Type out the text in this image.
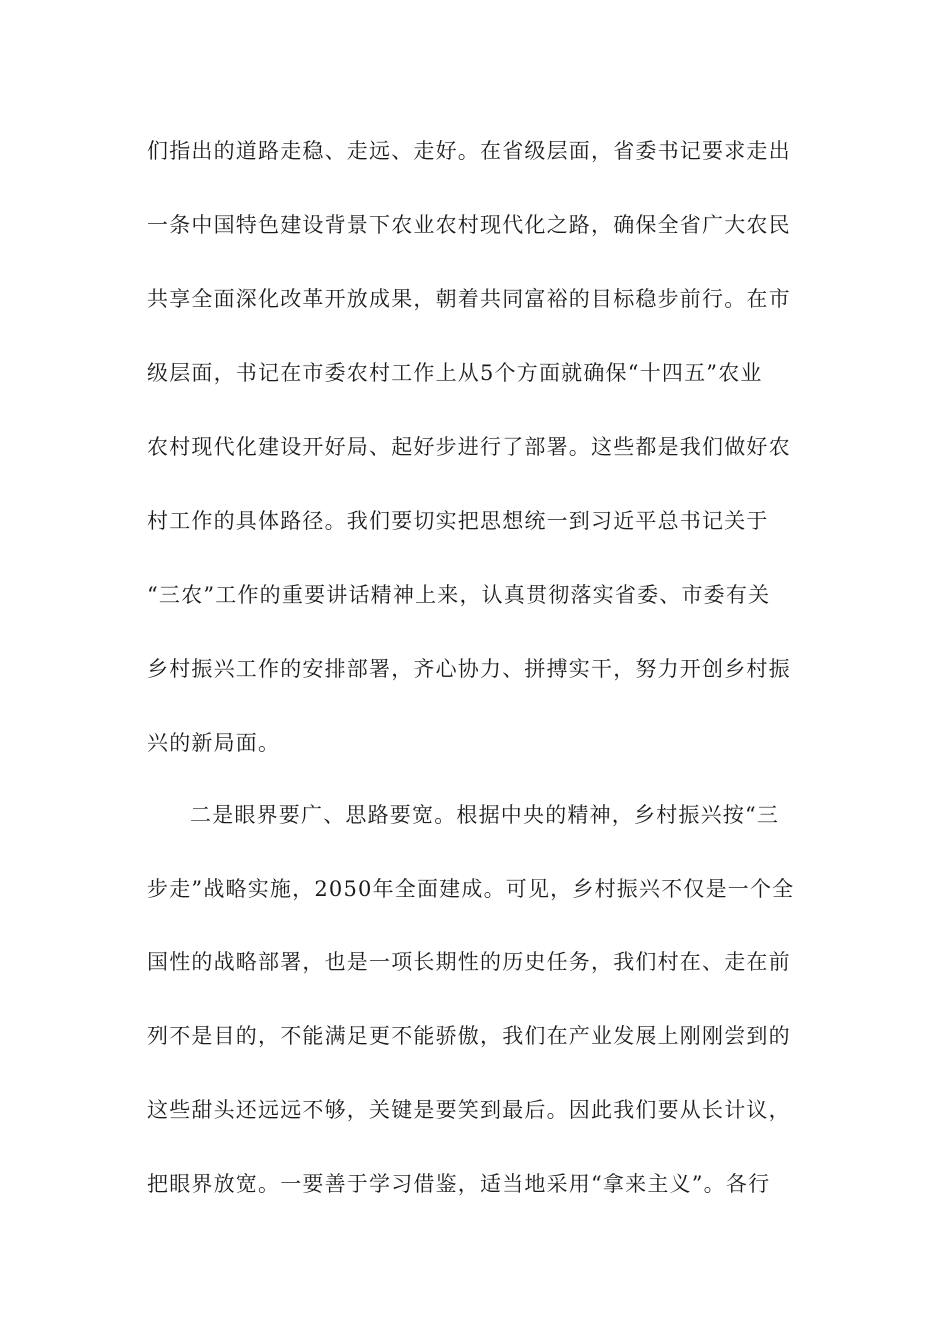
们指出的道路走稳、走远、走好。在省级层面，省委书记要求走出
一条中国特色建设背景下农业农村现代化之路，确保全省广大农民
共享全面深化改革开放成果，朝着共同富裕的目标稳步前行。在市
级层面，书记在市委农村工作上从5个方面就确保“十四五”农业
农村现代化建设开好局、起好步进行了部署。这些都是我们做好农
村工作的具体路径。我们要切实把思想统一到习近平总书记关于
“三农”工作的重要讲话精神上来，认真贯彻落实省委、市委有关
乡村振兴工作的安排部署，齐心协力、拼搏实干，努力开创乡村振
兴的新局面。
二是眼界要广、思路要宽。根据中央的精神，乡村振兴按“三
步走”战略实施，2050年全面建成。可见，乡村振兴不仅是一个全
国性的战略部署，也是一项长期性的历史任务，我们村在、走在前
列不是目的，不能满足更不能骄傲，我们在产业发展上刚刚尝到的
这些甜头还远远不够，关键是要笑到最后。因此我们要从长计议，
把眼界放宽。一要善于学习借鉴，适当地采用“拿来主义”。各行
